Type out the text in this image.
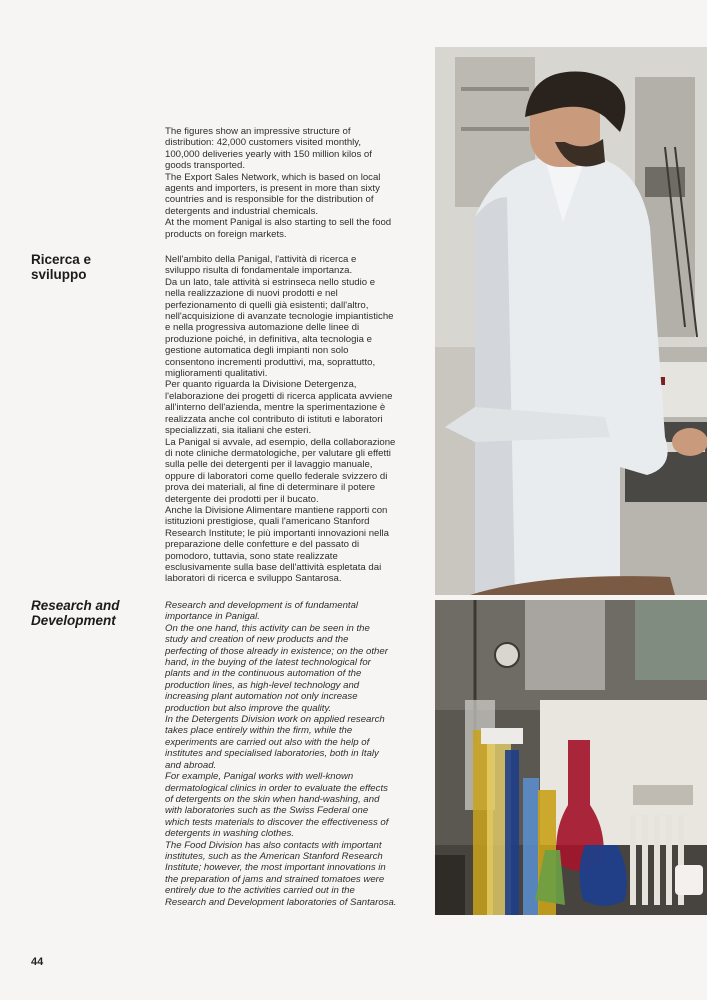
The figures show an impressive structure of
distribution: 42,000 customers visited monthly,
100,000 deliveries yearly with 150 million kilos of
goods transported.
The Export Sales Network, which is based on local
agents and importers, is present in more than sixty
countries and is responsible for the distribution of
detergents and industrial chemicals.
At the moment Panigal is also starting to sell the food
products on foreign markets.
Ricerca e
sviluppo
Nell'ambito della Panigal, l'attività di ricerca e
sviluppo risulta di fondamentale importanza.
Da un lato, tale attività si estrinseca nello studio e
nella realizzazione di nuovi prodotti e nel
perfezionamento di quelli già esistenti; dall'altro,
nell'acquisizione di avanzate tecnologie impiantistiche
e nella progressiva automazione delle linee di
produzione poiché, in definitiva, alta tecnologia e
gestione automatica degli impianti non solo
consentono incrementi produttivi, ma, soprattutto,
miglioramenti qualitativi.
Per quanto riguarda la Divisione Detergenza,
l'elaborazione dei progetti di ricerca applicata avviene
all'interno dell'azienda, mentre la sperimentazione è
realizzata anche col contributo di istituti e laboratori
specializzati, sia italiani che esteri.
La Panigal si avvale, ad esempio, della collaborazione
di note cliniche dermatologiche, per valutare gli effetti
sulla pelle dei detergenti per il lavaggio manuale,
oppure di laboratori come quello federale svizzero di
prova dei materiali, al fine di determinare il potere
detergente dei prodotti per il bucato.
Anche la Divisione Alimentare mantiene rapporti con
istituzioni prestigiose, quali l'americano Stanford
Research Institute; le più importanti innovazioni nella
preparazione delle confetture e del passato di
pomodoro, tuttavia, sono state realizzate
esclusivamente sulla base dell'attività espletata dai
laboratori di ricerca e sviluppo Santarosa.
Research and
Development
Research and development is of fundamental
importance in Panigal.
On the one hand, this activity can be seen in the
study and creation of new products and the
perfecting of those already in existence; on the other
hand, in the buying of the latest technological for
plants and in the continuous automation of the
production lines, as high-level technology and
increasing plant automation not only increase
production but also improve the quality.
In the Detergents Division work on applied research
takes place entirely within the firm, while the
experiments are carried out also with the help of
institutes and specialised laboratories, both in Italy
and abroad.
For example, Panigal works with well-known
dermatological clinics in order to evaluate the effects
of detergents on the skin when hand-washing, and
with laboratories such as the Swiss Federal one
which tests materials to discover the effectiveness of
detergents in washing clothes.
The Food Division has also contacts with important
institutes, such as the American Stanford Research
Institute; however, the most important innovations in
the preparation of jams and strained tomatoes were
entirely due to the activities carried out in the
Research and Development laboratories of Santarosa.
44
